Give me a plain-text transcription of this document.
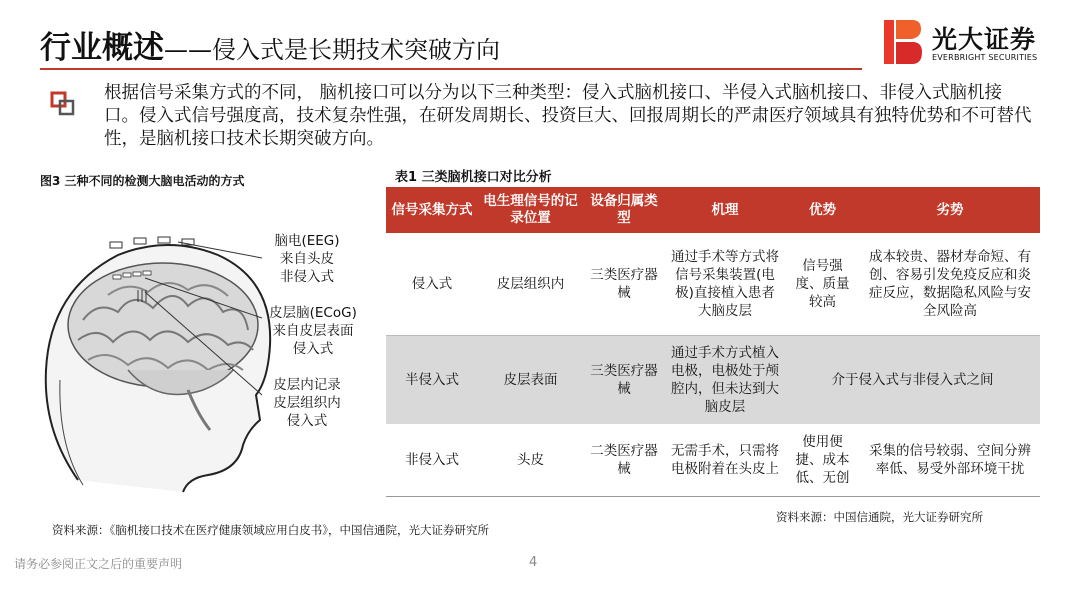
行业概述——侵入式是长期技术突破方向	光大证券
EVERBRIGHT SECURITIES
根据信号采集方式的不同， 脑机接口可以分为以下三种类型：侵入式脑机接口、半侵入式脑机接口、非侵入式脑机接口。侵入式信号强度高，技术复杂性强，在研发周期长、投资巨大、回报周期长的严肃医疗领域具有独特优势和不可替代性，是脑机接口技术长期突破方向。
图3 三种不同的检测大脑电活动的方式
脑电(EEG)
来自头皮
非侵入式
皮层脑(ECoG)
来自皮层表面
侵入式
皮层内记录
皮层组织内
侵入式
资料来源：《脑机接口技术在医疗健康领域应用白皮书》，中国信通院，光大证券研究所
表1 三类脑机接口对比分析
信号采集方式	电生理信号的记录位置	设备归属类型	机理	优势	劣势
侵入式	皮层组织内	三类医疗器械	通过手术等方式将信号采集装置(电极)直接植入患者大脑皮层	信号强度、质量较高	成本较贵、器材寿命短、有创、容易引发免疫反应和炎症反应，数据隐私风险与安全风险高
半侵入式	皮层表面	三类医疗器械	通过手术方式植入电极，电极处于颅腔内，但未达到大脑皮层	介于侵入式与非侵入式之间	
非侵入式	头皮	二类医疗器械	无需手术，只需将电极附着在头皮上	使用便捷、成本低、无创	采集的信号较弱、空间分辨率低、易受外部环境干扰
资料来源：中国信通院，光大证券研究所
请务必参阅正文之后的重要声明	4
